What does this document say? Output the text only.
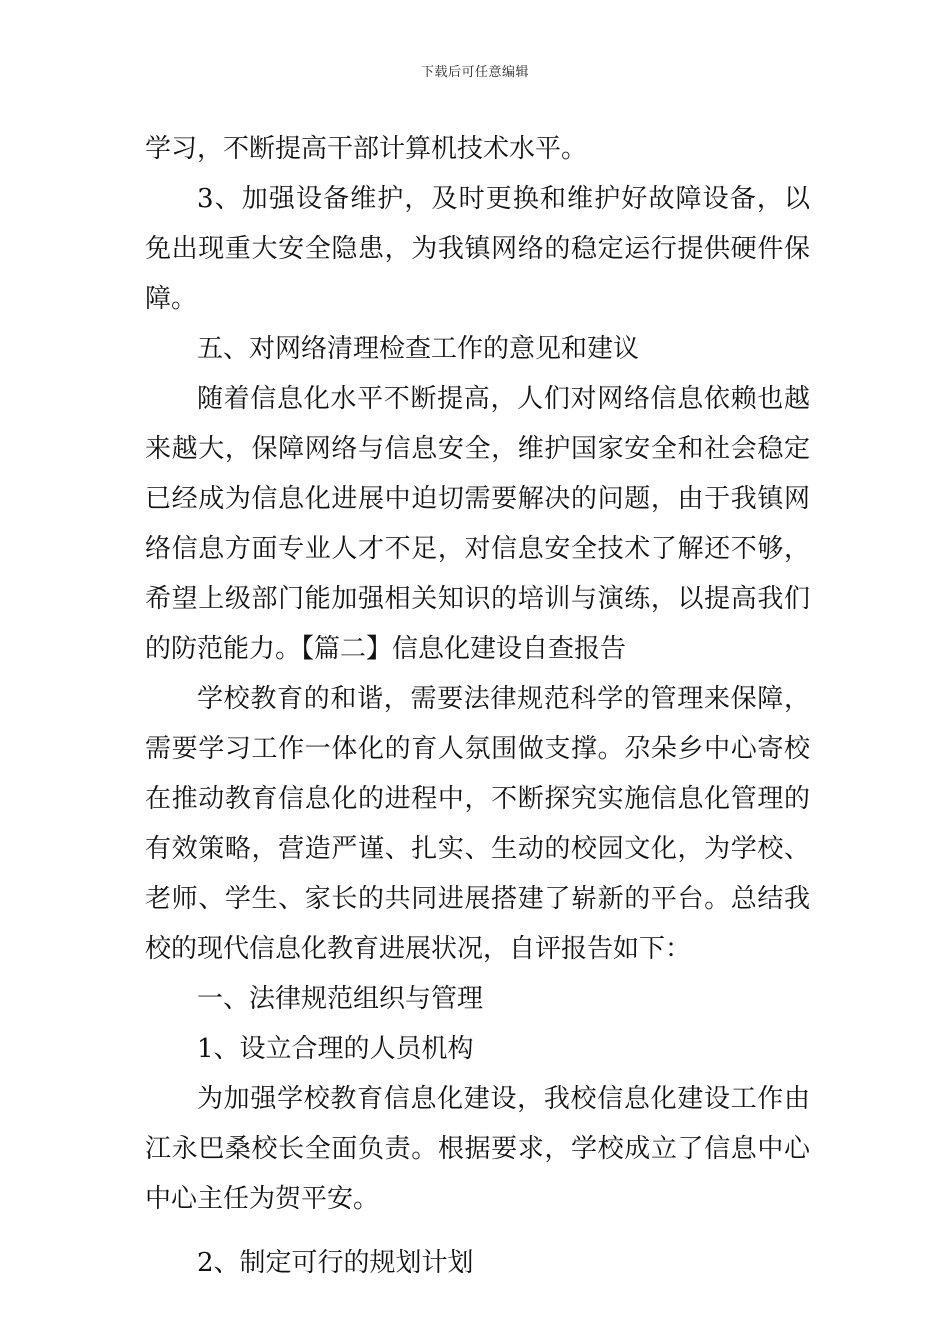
下载后可任意编辑

学习，不断提高干部计算机技术水平。

3、加强设备维护，及时更换和维护好故障设备，以免出现重大安全隐患，为我镇网络的稳定运行提供硬件保障。

五、对网络清理检查工作的意见和建议

随着信息化水平不断提高，人们对网络信息依赖也越来越大，保障网络与信息安全，维护国家安全和社会稳定已经成为信息化进展中迫切需要解决的问题，由于我镇网络信息方面专业人才不足，对信息安全技术了解还不够，希望上级部门能加强相关知识的培训与演练，以提高我们的防范能力。【篇二】信息化建设自查报告

学校教育的和谐，需要法律规范科学的管理来保障，需要学习工作一体化的育人氛围做支撑。尕朵乡中心寄校在推动教育信息化的进程中，不断探究实施信息化管理的有效策略，营造严谨、扎实、生动的校园文化，为学校、老师、学生、家长的共同进展搭建了崭新的平台。总结我校的现代信息化教育进展状况，自评报告如下：

一、法律规范组织与管理

1、设立合理的人员机构

为加强学校教育信息化建设，我校信息化建设工作由江永巴桑校长全面负责。根据要求，学校成立了信息中心中心主任为贺平安。

2、制定可行的规划计划
